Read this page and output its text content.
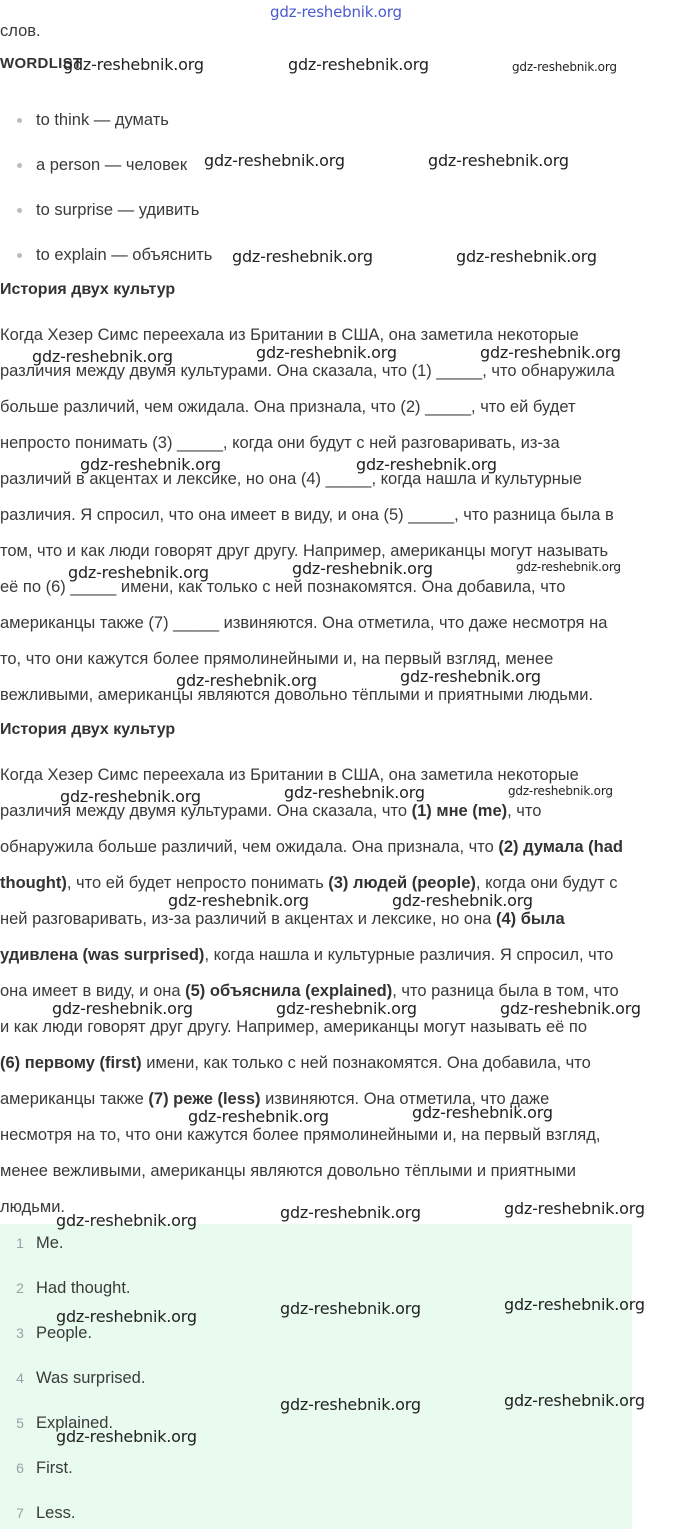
слов.

WORDLIST
to think — думать
a person — человек
to surprise — удивить
to explain — объяснить
История двух культур
Когда Хезер Симс переехала из Британии в США, она заметила некоторые
различия между двумя культурами. Она сказала, что (1) _____, что обнаружила
больше различий, чем ожидала. Она признала, что (2) _____, что ей будет
непросто понимать (3) _____, когда они будут с ней разговаривать, из-за
различий в акцентах и лексике, но она (4) _____, когда нашла и культурные
различия. Я спросил, что она имеет в виду, и она (5) _____, что разница была в
том, что и как люди говорят друг другу. Например, американцы могут называть
её по (6) _____ имени, как только с ней познакомятся. Она добавила, что
американцы также (7) _____ извиняются. Она отметила, что даже несмотря на
то, что они кажутся более прямолинейными и, на первый взгляд, менее
вежливыми, американцы являются довольно тёплыми и приятными людьми.
История двух культур
Когда Хезер Симс переехала из Британии в США, она заметила некоторые
различия между двумя культурами. Она сказала, что (1) мне (me), что
обнаружила больше различий, чем ожидала. Она признала, что (2) думала (had
thought), что ей будет непросто понимать (3) людей (people), когда они будут с
ней разговаривать, из-за различий в акцентах и лексике, но она (4) была
удивлена (was surprised), когда нашла и культурные различия. Я спросил, что
она имеет в виду, и она (5) объяснила (explained), что разница была в том, что
и как люди говорят друг другу. Например, американцы могут называть её по
(6) первому (first) имени, как только с ней познакомятся. Она добавила, что
американцы также (7) реже (less) извиняются. Она отметила, что даже
несмотря на то, что они кажутся более прямолинейными и, на первый взгляд,
менее вежливыми, американцы являются довольно тёплыми и приятными
людьми.
1 Me.
2 Had thought.
3 People.
4 Was surprised.
5 Explained.
6 First.
7 Less.
gdz-reshebnik.org
gdz-reshebnik.org	gdz-reshebnik.org	gdz-reshebnik.org
gdz-reshebnik.org	gdz-reshebnik.org
gdz-reshebnik.org	gdz-reshebnik.org
gdz-reshebnik.org	gdz-reshebnik.org	gdz-reshebnik.org
gdz-reshebnik.org	gdz-reshebnik.org
gdz-reshebnik.org	gdz-reshebnik.org	gdz-reshebnik.org
gdz-reshebnik.org	gdz-reshebnik.org
gdz-reshebnik.org	gdz-reshebnik.org	gdz-reshebnik.org
gdz-reshebnik.org	gdz-reshebnik.org
gdz-reshebnik.org	gdz-reshebnik.org	gdz-reshebnik.org
gdz-reshebnik.org	gdz-reshebnik.org
gdz-reshebnik.org	gdz-reshebnik.org	gdz-reshebnik.org
gdz-reshebnik.org	gdz-reshebnik.org	gdz-reshebnik.org
gdz-reshebnik.org	gdz-reshebnik.org
gdz-reshebnik.org
